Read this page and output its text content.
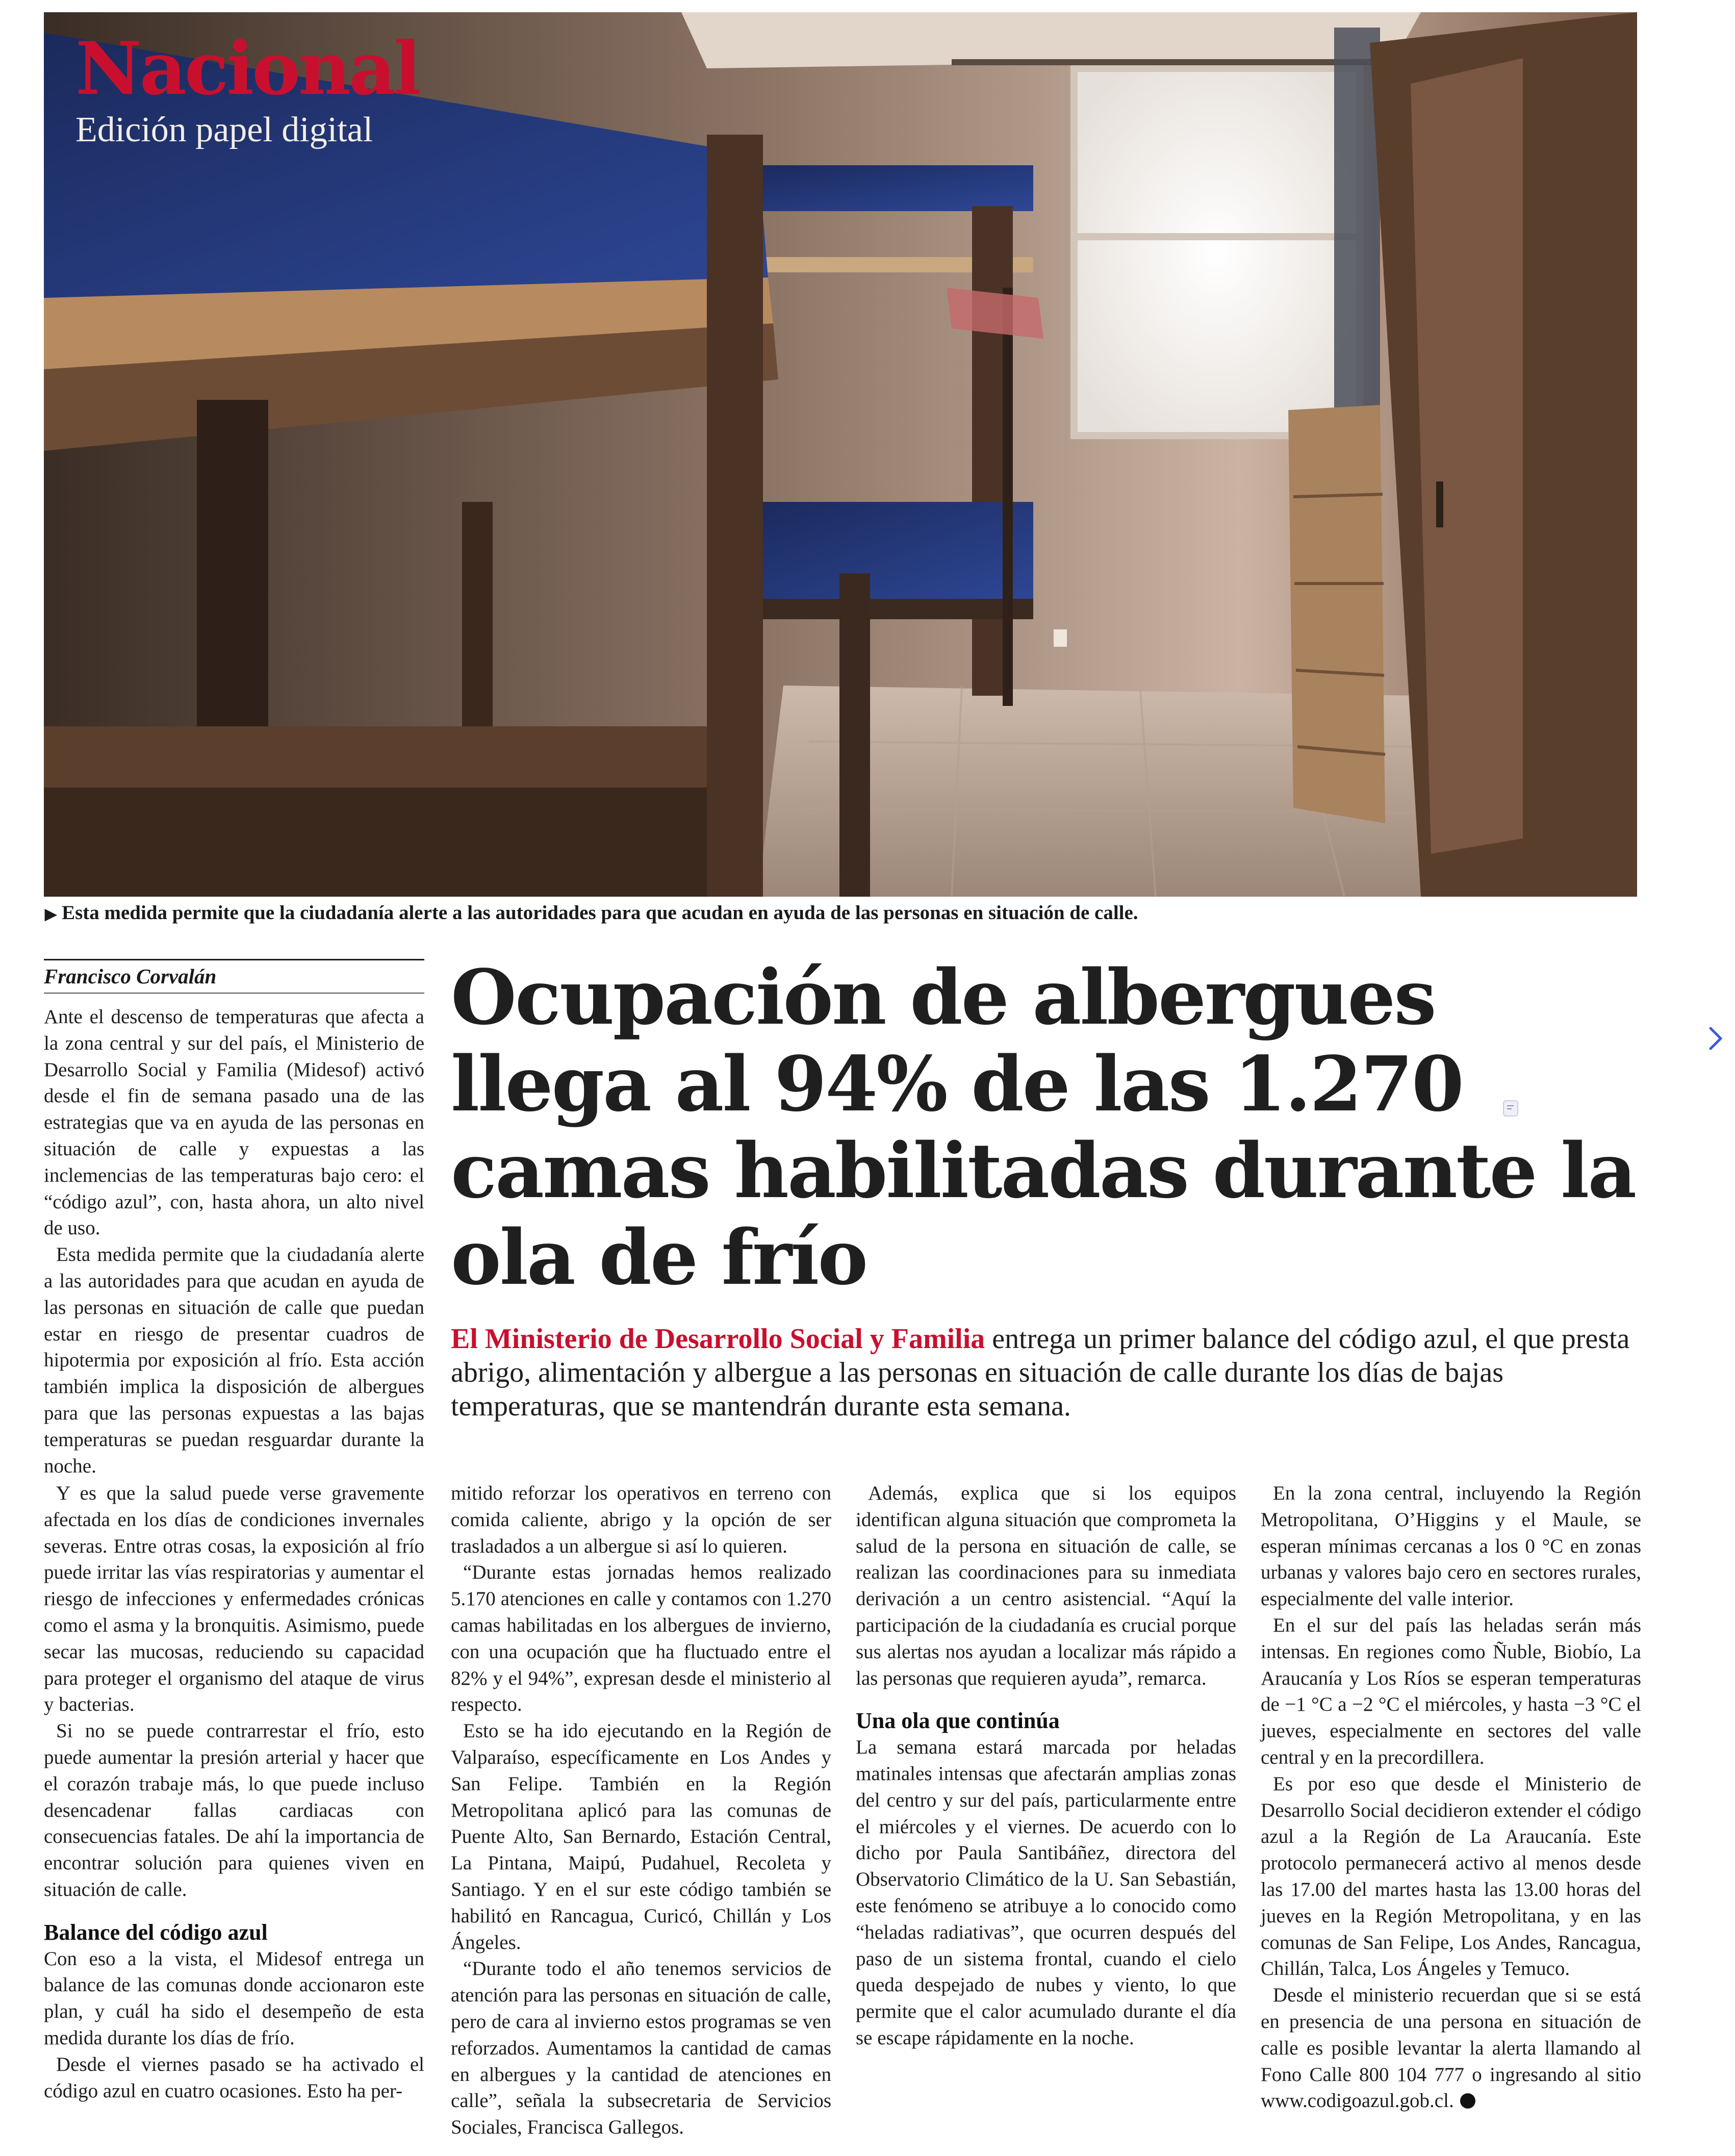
Nacional
Edición papel digital
▶ Esta medida permite que la ciudadanía alerte a las autoridades para que acudan en ayuda de las personas en situación de calle.
Francisco Corvalán	Ocupación de albergues llega al 94% de las 1.270 camas habilitadas durante la ola de frío

El Ministerio de Desarrollo Social y Familia entrega un primer balance del código azul, el que presta abrigo, alimentación y albergue a las personas en situación de calle durante los días de bajas temperaturas, que se mantendrán durante esta semana.

Ante el descenso de temperaturas que afecta a la zona central y sur del país, el Ministerio de Desarrollo Social y Familia (Midesof) activó desde el fin de semana pasado una de las estrategias que va en ayuda de las personas en situación de calle y expuestas a las inclemencias de las temperaturas bajo cero: el “código azul”, con, hasta ahora, un alto nivel de uso.

Esta medida permite que la ciudadanía alerte a las autoridades para que acudan en ayuda de las personas en situación de calle que puedan estar en riesgo de presentar cuadros de hipotermia por exposición al frío. Esta acción también implica la disposición de albergues para que las personas expuestas a las bajas temperaturas se puedan resguardar durante la noche.

Y es que la salud puede verse gravemente afectada en los días de condiciones invernales severas. Entre otras cosas, la exposición al frío puede irritar las vías respiratorias y aumentar el riesgo de infecciones y enfermedades crónicas como el asma y la bronquitis. Asimismo, puede secar las mucosas, reduciendo su capacidad para proteger el organismo del ataque de virus y bacterias.

Si no se puede contrarrestar el frío, esto puede aumentar la presión arterial y hacer que el corazón trabaje más, lo que puede incluso desencadenar fallas cardiacas con consecuencias fatales. De ahí la importancia de encontrar solución para quienes viven en situación de calle.

Balance del código azul

Con eso a la vista, el Midesof entrega un balance de las comunas donde accionaron este plan, y cuál ha sido el desempeño de esta medida durante los días de frío.

Desde el viernes pasado se ha activado el código azul en cuatro ocasiones. Esto ha per-

mitido reforzar los operativos en terreno con comida caliente, abrigo y la opción de ser trasladados a un albergue si así lo quieren.

“Durante estas jornadas hemos realizado 5.170 atenciones en calle y contamos con 1.270 camas habilitadas en los albergues de invierno, con una ocupación que ha fluctuado entre el 82% y el 94%”, expresan desde el ministerio al respecto.

Esto se ha ido ejecutando en la Región de Valparaíso, específicamente en Los Andes y San Felipe. También en la Región Metropolitana aplicó para las comunas de Puente Alto, San Bernardo, Estación Central, La Pintana, Maipú, Pudahuel, Recoleta y Santiago. Y en el sur este código también se habilitó en Rancagua, Curicó, Chillán y Los Ángeles.

“Durante todo el año tenemos servicios de atención para las personas en situación de calle, pero de cara al invierno estos programas se ven reforzados. Aumentamos la cantidad de camas en albergues y la cantidad de atenciones en calle”, señala la subsecretaria de Servicios Sociales, Francisca Gallegos.

Además, explica que si los equipos identifican alguna situación que comprometa la salud de la persona en situación de calle, se realizan las coordinaciones para su inmediata derivación a un centro asistencial. “Aquí la participación de la ciudadanía es crucial porque sus alertas nos ayudan a localizar más rápido a las personas que requieren ayuda”, remarca.

Una ola que continúa

La semana estará marcada por heladas matinales intensas que afectarán amplias zonas del centro y sur del país, particularmente entre el miércoles y el viernes. De acuerdo con lo dicho por Paula Santibáñez, directora del Observatorio Climático de la U. San Sebastián, este fenómeno se atribuye a lo conocido como “heladas radiativas”, que ocurren después del paso de un sistema frontal, cuando el cielo queda despejado de nubes y viento, lo que permite que el calor acumulado durante el día se escape rápidamente en la noche.

En la zona central, incluyendo la Región Metropolitana, O’Higgins y el Maule, se esperan mínimas cercanas a los 0 °C en zonas urbanas y valores bajo cero en sectores rurales, especialmente del valle interior.

En el sur del país las heladas serán más intensas. En regiones como Ñuble, Biobío, La Araucanía y Los Ríos se esperan temperaturas de −1 °C a −2 °C el miércoles, y hasta −3 °C el jueves, especialmente en sectores del valle central y en la precordillera.

Es por eso que desde el Ministerio de Desarrollo Social decidieron extender el código azul a la Región de La Araucanía. Este protocolo permanecerá activo al menos desde las 17.00 del martes hasta las 13.00 horas del jueves en la Región Metropolitana, y en las comunas de San Felipe, Los Andes, Rancagua, Chillán, Talca, Los Ángeles y Temuco.

Desde el ministerio recuerdan que si se está en presencia de una persona en situación de calle es posible levantar la alerta llamando al Fono Calle 800 104 777 o ingresando al sitio www.codigoazul.gob.cl.
